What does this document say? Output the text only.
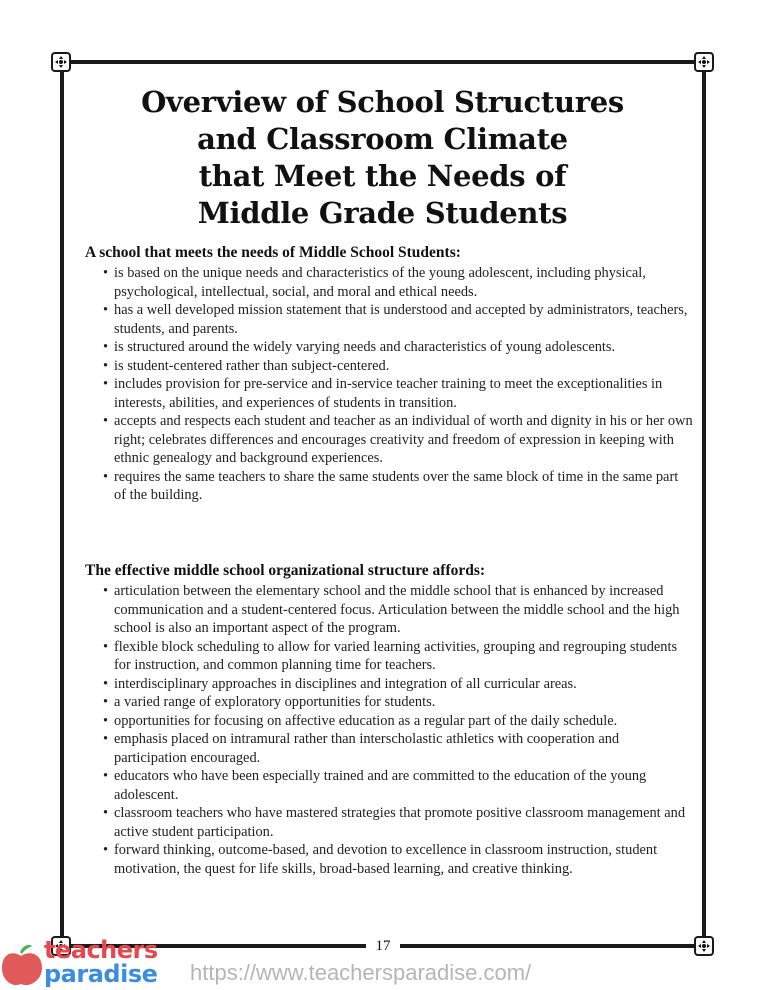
Overview of School Structures
and Classroom Climate
that Meet the Needs of
Middle Grade Students
A school that meets the needs of Middle School Students:
• is based on the unique needs and characteristics of the young adolescent, including physical, psychological, intellectual, social, and moral and ethical needs.
• has a well developed mission statement that is understood and accepted by administrators, teachers, students, and parents.
• is structured around the widely varying needs and characteristics of young adolescents.
• is student-centered rather than subject-centered.
• includes provision for pre-service and in-service teacher training to meet the exceptionalities in interests, abilities, and experiences of students in transition.
• accepts and respects each student and teacher as an individual of worth and dignity in his or her own right; celebrates differences and encourages creativity and freedom of expression in keeping with ethnic genealogy and background experiences.
• requires the same teachers to share the same students over the same block of time in the same part of the building.
The effective middle school organizational structure affords:
• articulation between the elementary school and the middle school that is enhanced by increased communication and a student-centered focus. Articulation between the middle school and the high school is also an important aspect of the program.
• flexible block scheduling to allow for varied learning activities, grouping and regrouping students for instruction, and common planning time for teachers.
• interdisciplinary approaches in disciplines and integration of all curricular areas.
• a varied range of exploratory opportunities for students.
• opportunities for focusing on affective education as a regular part of the daily schedule.
• emphasis placed on intramural rather than interscholastic athletics with cooperation and participation encouraged.
• educators who have been especially trained and are committed to the education of the young adolescent.
• classroom teachers who have mastered strategies that promote positive classroom management and active student participation.
• forward thinking, outcome-based, and devotion to excellence in classroom instruction, student motivation, the quest for life skills, broad-based learning, and creative thinking.
17
teachers
paradise https://www.teachersparadise.com/
